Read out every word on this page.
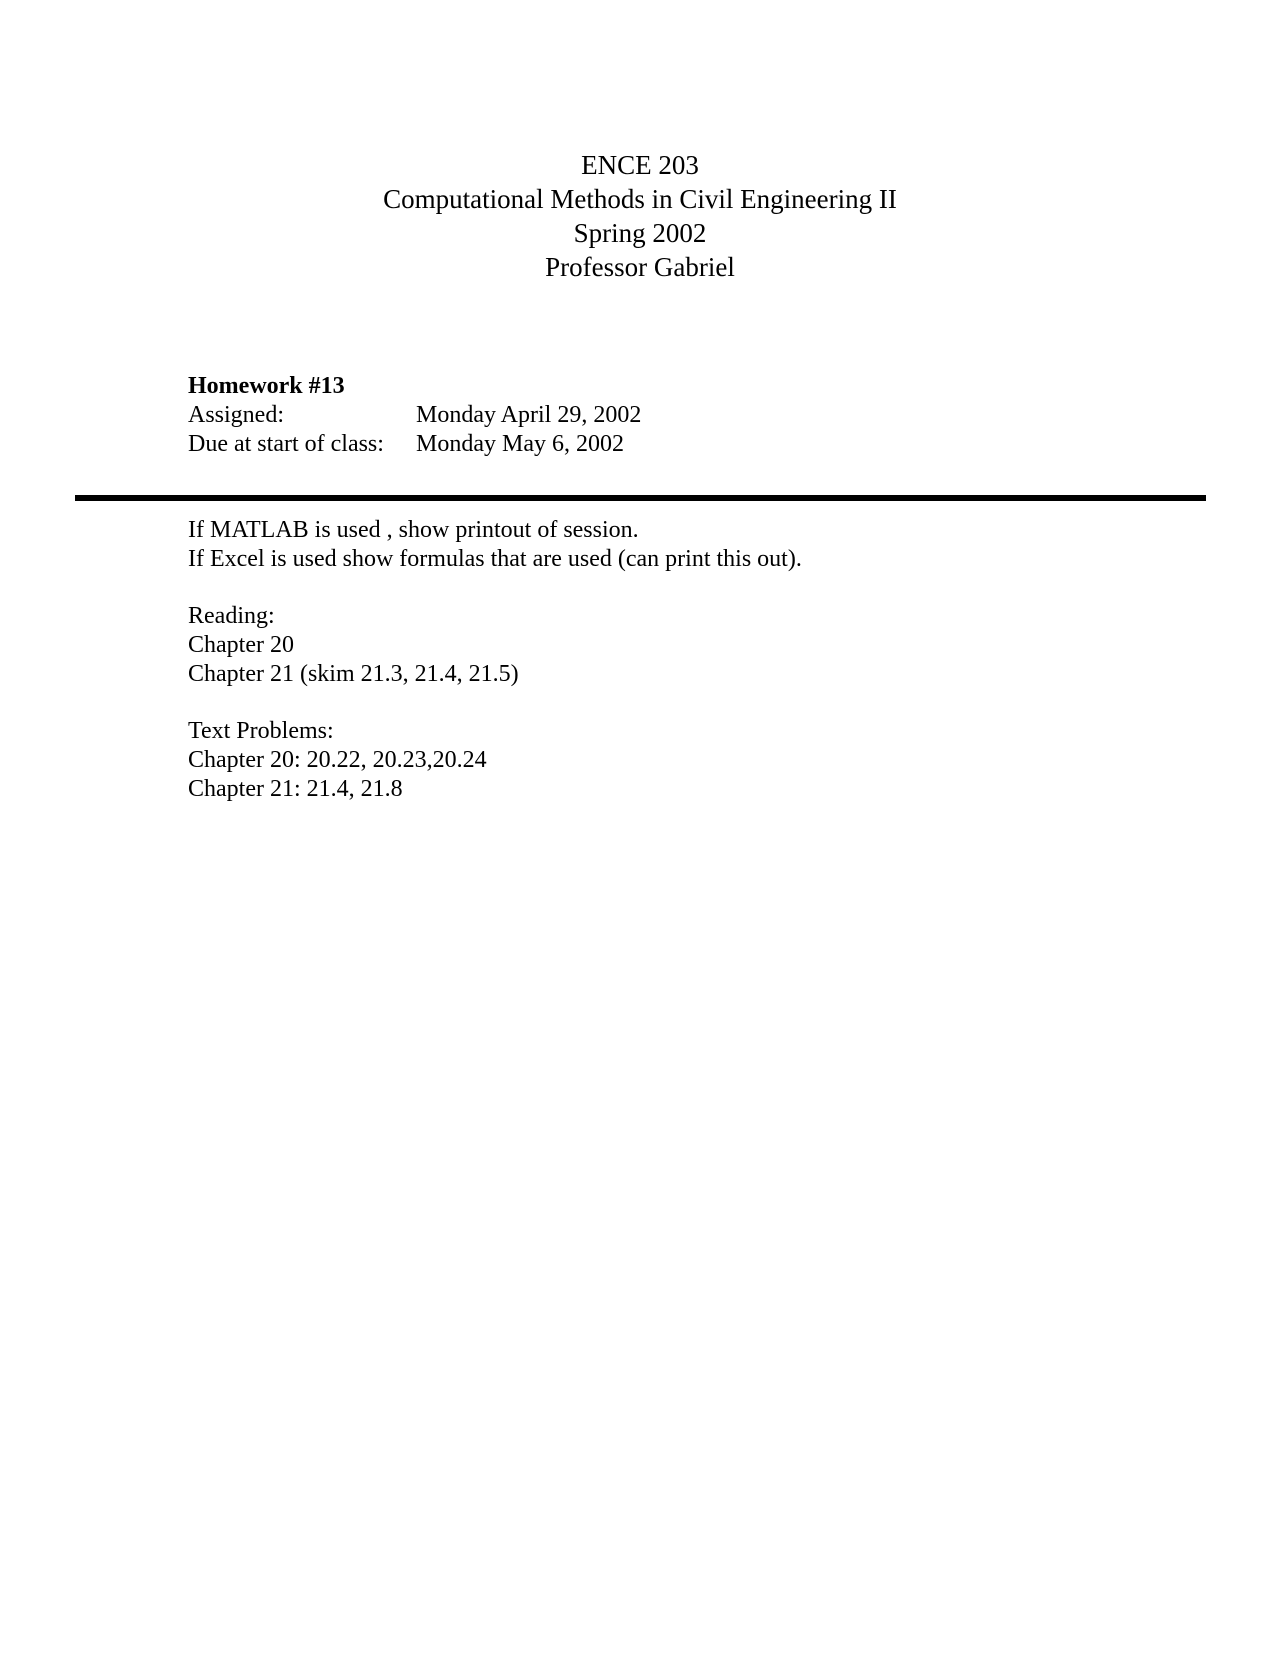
ENCE 203
Computational Methods in Civil Engineering II
Spring 2002
Professor Gabriel
Homework #13
Assigned:	Monday April 29, 2002
Due at start of class:	Monday May 6, 2002
If MATLAB is used , show printout of session.
If Excel is used show formulas that are used (can print this out).
Reading:
Chapter 20
Chapter 21 (skim 21.3, 21.4, 21.5)
Text Problems:
Chapter 20: 20.22, 20.23,20.24
Chapter 21: 21.4, 21.8
